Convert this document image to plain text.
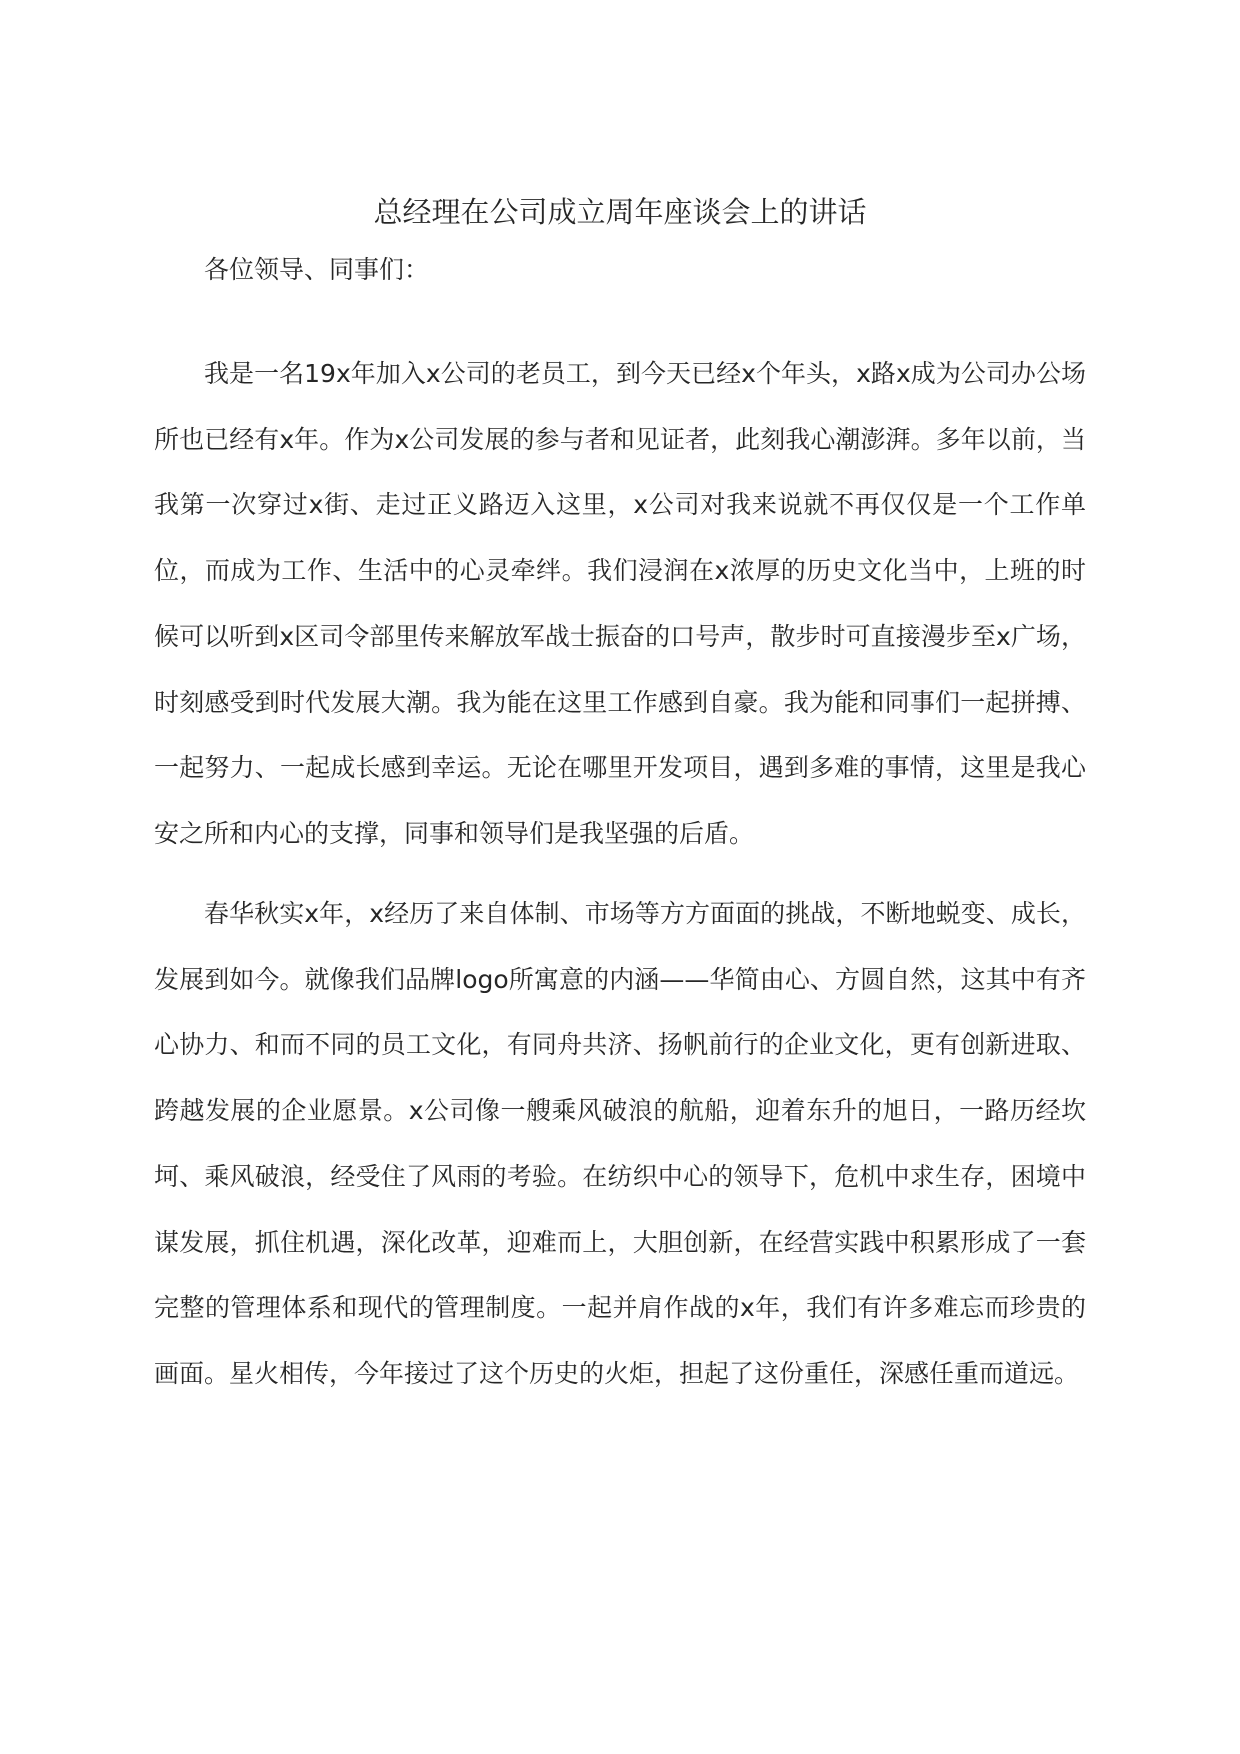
总经理在公司成立周年座谈会上的讲话

各位领导、同事们：

我是一名19x年加入x公司的老员工，到今天已经x个年头，x路x成为公司办公场所也已经有x年。作为x公司发展的参与者和见证者，此刻我心潮澎湃。多年以前，当我第一次穿过x街、走过正义路迈入这里，x公司对我来说就不再仅仅是一个工作单位，而成为工作、生活中的心灵牵绊。我们浸润在x浓厚的历史文化当中，上班的时候可以听到x区司令部里传来解放军战士振奋的口号声，散步时可直接漫步至x广场，时刻感受到时代发展大潮。我为能在这里工作感到自豪。我为能和同事们一起拼搏、一起努力、一起成长感到幸运。无论在哪里开发项目，遇到多难的事情，这里是我心安之所和内心的支撑，同事和领导们是我坚强的后盾。

春华秋实x年，x经历了来自体制、市场等方方面面的挑战，不断地蜕变、成长，发展到如今。就像我们品牌logo所寓意的内涵——华简由心、方圆自然，这其中有齐心协力、和而不同的员工文化，有同舟共济、扬帆前行的企业文化，更有创新进取、跨越发展的企业愿景。x公司像一艘乘风破浪的航船，迎着东升的旭日，一路历经坎坷、乘风破浪，经受住了风雨的考验。在纺织中心的领导下，危机中求生存，困境中谋发展，抓住机遇，深化改革，迎难而上，大胆创新，在经营实践中积累形成了一套完整的管理体系和现代的管理制度。一起并肩作战的x年，我们有许多难忘而珍贵的画面。星火相传，今年接过了这个历史的火炬，担起了这份重任，深感任重而道远。
